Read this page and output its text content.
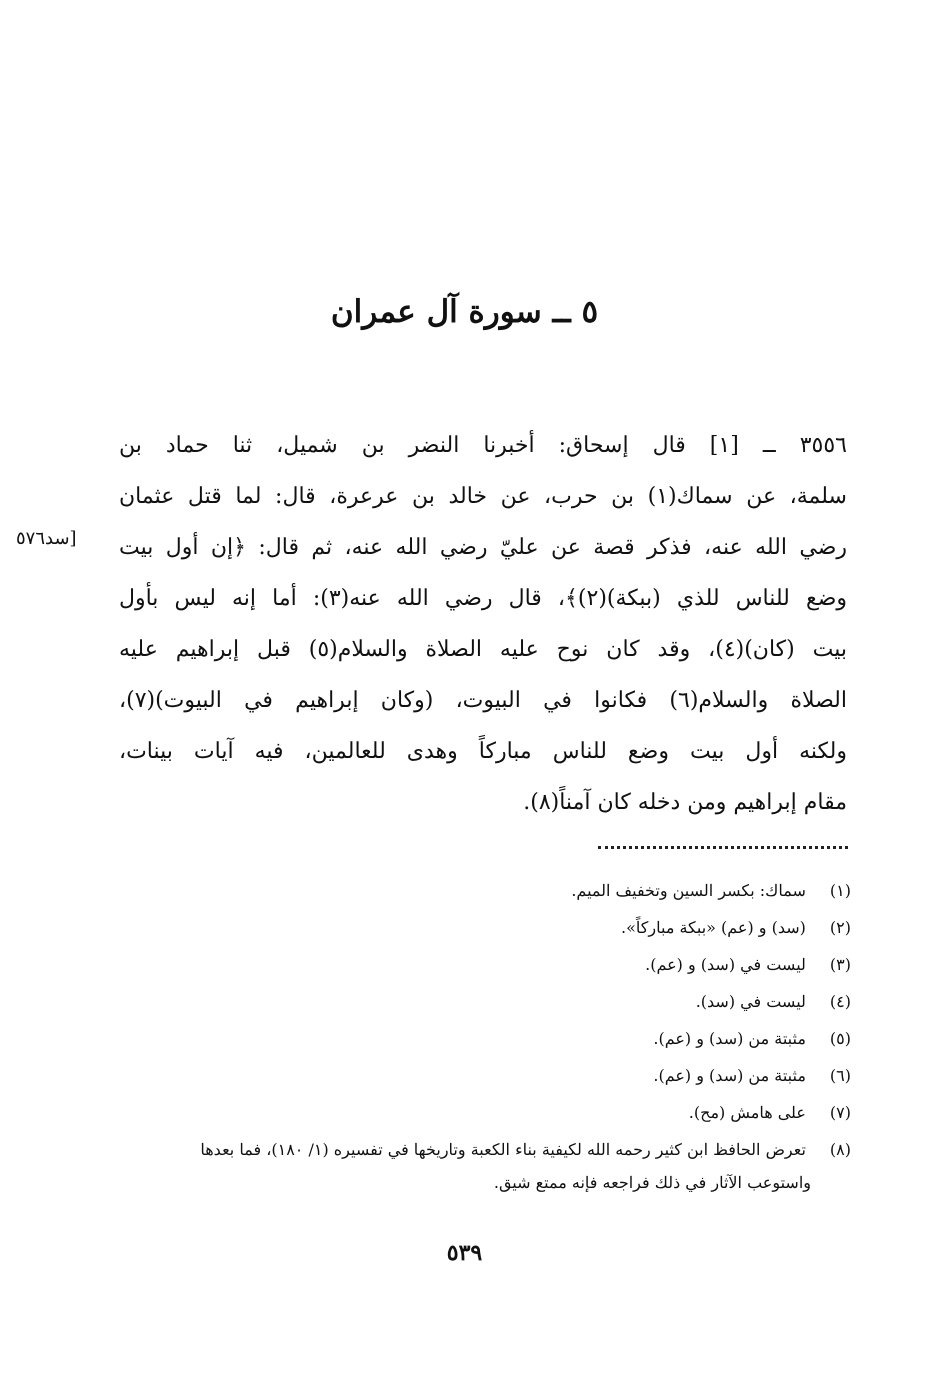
٥ ــ سورة آل عمران
[سد٥٧٦
٣٥٥٦ ــ [١] قال إسحاق: أخبرنا النضر بن شميل، ثنا حماد بن
سلمة، عن سماك(١) بن حرب، عن خالد بن عرعرة، قال: لما قتل عثمان
رضي الله عنه، فذكر قصة عن عليّ رضي الله عنه، ثم قال: ﴿إن أول بيت
وضع للناس للذي (ببكة)(٢)﴾، قال رضي الله عنه(٣): أما إنه ليس بأول
بيت (كان)(٤)، وقد كان نوح عليه الصلاة والسلام(٥) قبل إبراهيم عليه
الصلاة والسلام(٦) فكانوا في البيوت، (وكان إبراهيم في البيوت)(٧)،
ولكنه أول بيت وضع للناس مباركاً وهدى للعالمين، فيه آيات بينات،
مقام إبراهيم ومن دخله كان آمناً(٨).
(١) سماك: بكسر السين وتخفيف الميم.
(٢) (سد) و (عم) «ببكة مباركاً».
(٣) ليست في (سد) و (عم).
(٤) ليست في (سد).
(٥) مثبتة من (سد) و (عم).
(٦) مثبتة من (سد) و (عم).
(٧) على هامش (مح).
(٨) تعرض الحافظ ابن كثير رحمه الله لكيفية بناء الكعبة وتاريخها في تفسيره (١/ ١٨٠)، فما بعدها
واستوعب الآثار في ذلك فراجعه فإنه ممتع شيق.
٥٣٩
